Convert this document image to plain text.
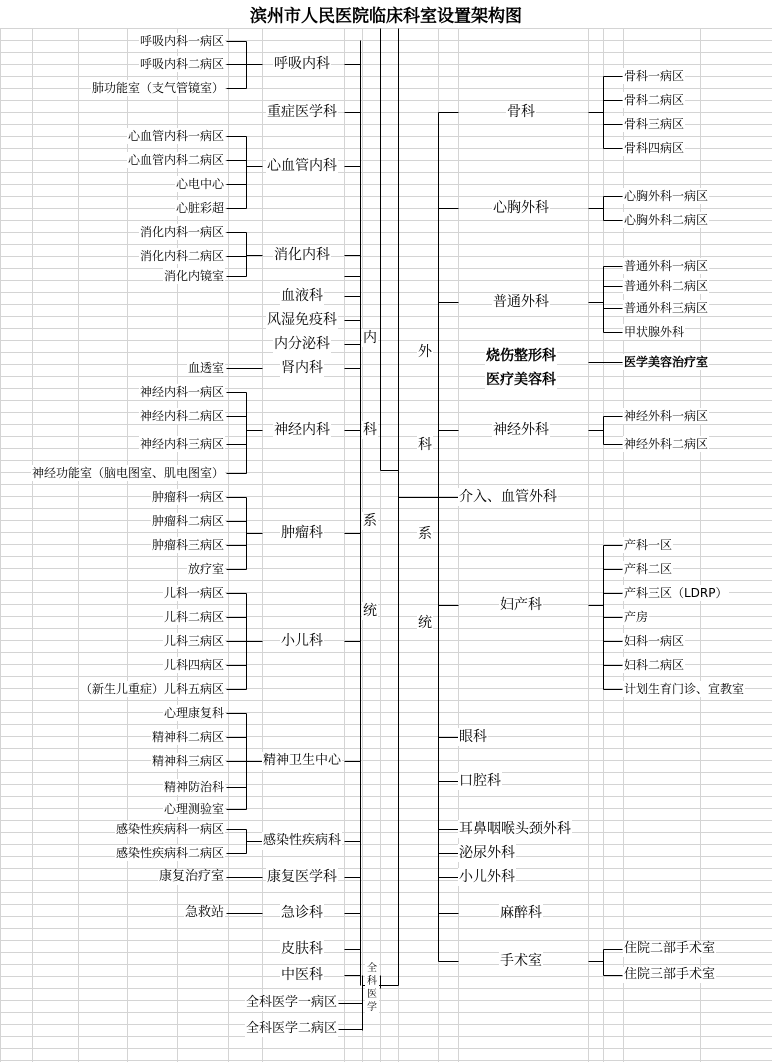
滨州市人民医院临床科室设置架构图
呼吸内科一病区
呼吸内科二病区
肺功能室（支气管镜室）
心血管内科一病区
心血管内科二病区
心电中心
心脏彩超
消化内科一病区
消化内科二病区
消化内镜室
血透室
神经内科一病区
神经内科二病区
神经内科三病区
神经功能室（脑电图室、肌电图室）
肿瘤科一病区
肿瘤科二病区
肿瘤科三病区
放疗室
儿科一病区
儿科二病区
儿科三病区
儿科四病区
（新生儿重症）儿科五病区
心理康复科
精神科二病区
精神科三病区
精神防治科
心理测验室
感染性疾病科一病区
感染性疾病科二病区
康复治疗室
急救站
呼吸内科
重症医学科
心血管内科
消化内科
血液科
风湿免疫科
内分泌科
肾内科
神经内科
肿瘤科
小儿科
精神卫生中心
感染性疾病科
康复医学科
急诊科
皮肤科
中医科
内
科
系
统
全科医学
全科医学一病区
全科医学二病区
外
科
系
统
骨科
心胸外科
普通外科
烧伤整形科
医疗美容科
神经外科
介入、血管外科
妇产科
眼科
口腔科
耳鼻咽喉头颈外科
泌尿外科
小儿外科
麻醉科
手术室
骨科一病区
骨科二病区
骨科三病区
骨科四病区
心胸外科一病区
心胸外科二病区
普通外科一病区
普通外科二病区
普通外科三病区
甲状腺外科
医学美容治疗室
神经外科一病区
神经外科二病区
产科一区
产科二区
产科三区（LDRP）
产房
妇科一病区
妇科二病区
计划生育门诊、宣教室
住院二部手术室
住院三部手术室
